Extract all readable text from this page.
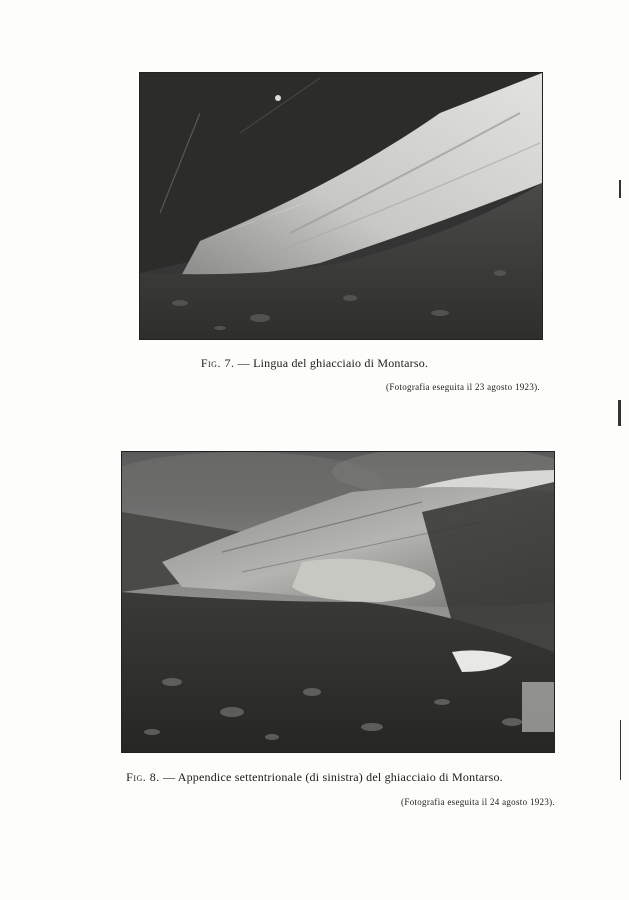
Fig. 7. — Lingua del ghiacciaio di Montarso.
(Fotografia eseguita il 23 agosto 1923).
Fig. 8. — Appendice settentrionale (di sinistra) del ghiacciaio di Montarso.
(Fotografia eseguita il 24 agosto 1923).
